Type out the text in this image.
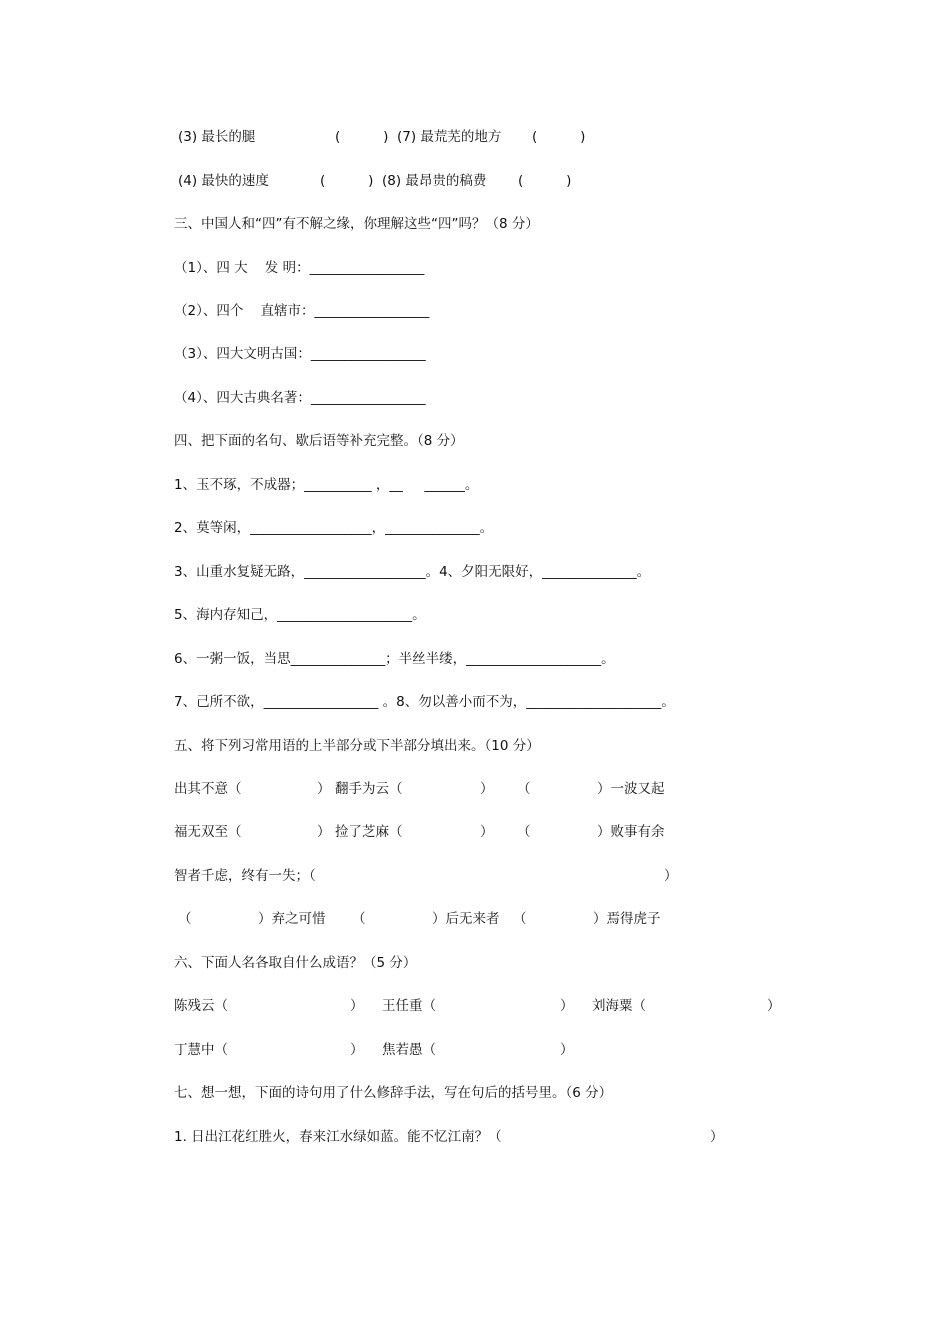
(3) 最长的腿	(          ) (7) 最荒芜的地方 (          )
(4) 最快的速度	(          ) (8) 最昂贵的稿费 (          )
三、中国人和“四”有不解之缘，你理解这些“四”吗？（8 分）
（1）、四 大    发 明：_________________
（2）、四个    直辖市：_________________
（3）、四大文明古国：_________________
（4）、四大古典名著：_________________
四、把下面的名句、歇后语等补充完整。（8 分）
1、玉不琢，不成器；__________ ，__     ______。
2、莫等闲，__________________，______________。
3、山重水复疑无路，__________________。4、夕阳无限好，______________。
5、海内存知己，____________________。
6、一粥一饭，当思______________；半丝半缕，____________________。
7、己所不欲，_________________ 。8、勿以善小而不为，____________________。
五、将下列习常用语的上半部分或下半部分填出来。（10 分）
出其不意（	） 翻手为云（	） （	）一波又起
福无双至（	） 捡了芝麻（	） （	）败事有余
智者千虑，终有一失；（	）
（	）弃之可惜 （	）后无来者 （	）焉得虎子
六、下面人名各取自什么成语？（5 分）
陈残云（	） 王任重（	） 刘海粟（	）
丁慧中（	） 焦若愚（	）
七、想一想，下面的诗句用了什么修辞手法，写在句后的括号里。（6 分）
1. 日出江花红胜火，春来江水绿如蓝。能不忆江南？（	）
